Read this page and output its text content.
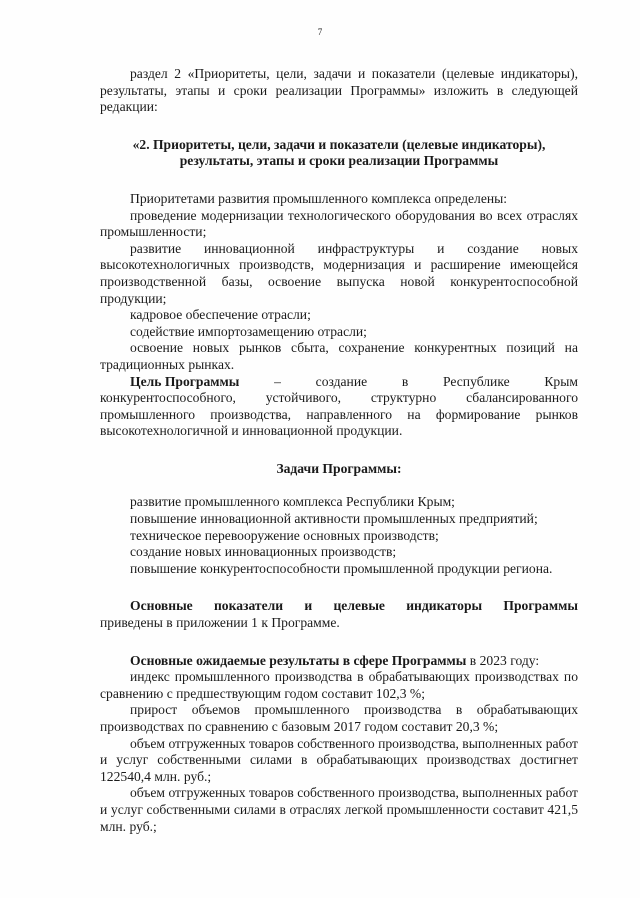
7

раздел 2 «Приоритеты, цели, задачи и показатели (целевые индикаторы), результаты, этапы и сроки реализации Программы» изложить в следующей редакции:

«2. Приоритеты, цели, задачи и показатели (целевые индикаторы),

результаты, этапы и сроки реализации Программы

Приоритетами развития промышленного комплекса определены:

проведение модернизации технологического оборудования во всех отраслях промышленности;

развитие инновационной инфраструктуры и создание новых высокотехнологичных производств, модернизация и расширение имеющейся производственной базы, освоение выпуска новой конкурентоспособной продукции;

кадровое обеспечение отрасли;

содействие импортозамещению отрасли;

освоение новых рынков сбыта, сохранение конкурентных позиций на традиционных рынках.

Цель Программы	–	создание	в	Республике	Крым

конкурентоспособного, устойчивого, структурно сбалансированного промышленного производства, направленного на формирование рынков высокотехнологичной и инновационной продукции.

Задачи Программы:

развитие промышленного комплекса Республики Крым;

повышение инновационной активности промышленных предприятий;

техническое перевооружение основных производств;

создание новых инновационных производств;

повышение конкурентоспособности промышленной продукции региона.

Основные показатели и целевые индикаторы Программы

приведены в приложении 1 к Программе.

Основные ожидаемые результаты в сфере Программы в 2023 году:

индекс промышленного производства в обрабатывающих производствах по сравнению с предшествующим годом составит 102,3 %;

прирост объемов промышленного производства в обрабатывающих производствах по сравнению с базовым 2017 годом составит 20,3 %;

объем отгруженных товаров собственного производства, выполненных работ и услуг собственными силами в обрабатывающих производствах достигнет 122540,4 млн. руб.;

объем отгруженных товаров собственного производства, выполненных работ и услуг собственными силами в отраслях легкой промышленности составит 421,5 млн. руб.;
